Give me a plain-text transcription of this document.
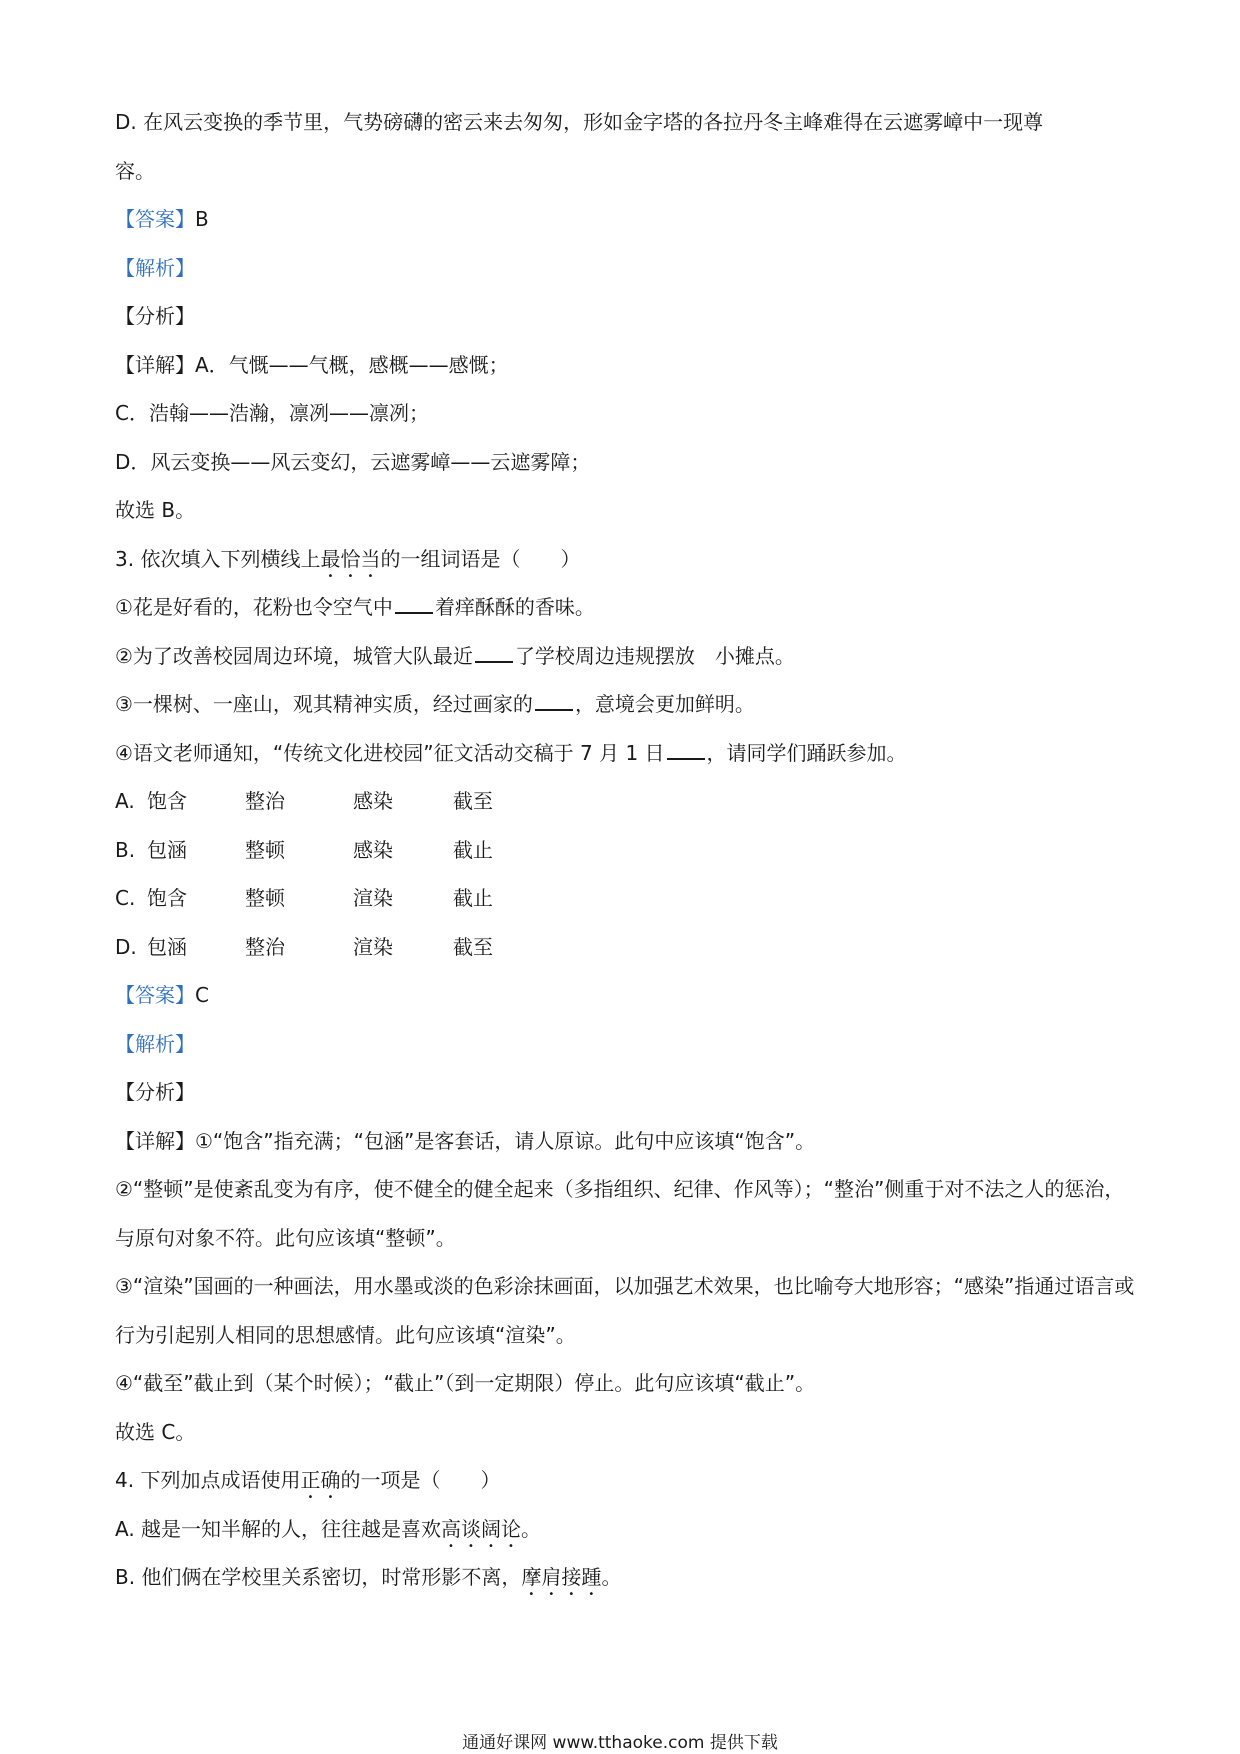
D. 在风云变换的季节里，气势磅礴的密云来去匆匆，形如金字塔的各拉丹冬主峰难得在云遮雾嶂中一现尊
容。
【答案】B
【解析】
【分析】
【详解】A．气慨——气概，感概——感慨；
C．浩翰——浩瀚，凛冽——凛冽；
D．风云变换——风云变幻，云遮雾嶂——云遮雾障；
故选 B。
3. 依次填入下列横线上最恰当的一组词语是（　　）
①花是好看的，花粉也令空气中 着痒酥酥的香味。
②为了改善校园周边环境，城管大队最近 了学校周边违规摆放　小摊点。
③一棵树、一座山，观其精神实质，经过画家的 ，意境会更加鲜明。
④语文老师通知，“传统文化进校园”征文活动交稿于 7 月 1 日 ，请同学们踊跃参加。
A. 饱含	整治	感染	截至
B. 包涵	整顿	感染	截止
C. 饱含	整顿	渲染	截止
D. 包涵	整治	渲染	截至
【答案】C
【解析】
【分析】
【详解】①“饱含”指充满；“包涵”是客套话，请人原谅。此句中应该填“饱含”。
②“整顿”是使紊乱变为有序，使不健全的健全起来（多指组织、纪律、作风等）；“整治”侧重于对不法之人的惩治，与原句对象不符。此句应该填“整顿”。
③“渲染”国画的一种画法，用水墨或淡的色彩涂抹画面，以加强艺术效果，也比喻夸大地形容；“感染”指通过语言或行为引起别人相同的思想感情。此句应该填“渲染”。
④“截至”截止到（某个时候）；“截止”（到一定期限）停止。此句应该填“截止”。
故选 C。
4. 下列加点成语使用正确的一项是（　　）
A. 越是一知半解的人，往往越是喜欢高谈阔论。
B. 他们俩在学校里关系密切，时常形影不离，摩肩接踵。
通通好课网 www.tthaoke.com 提供下载
